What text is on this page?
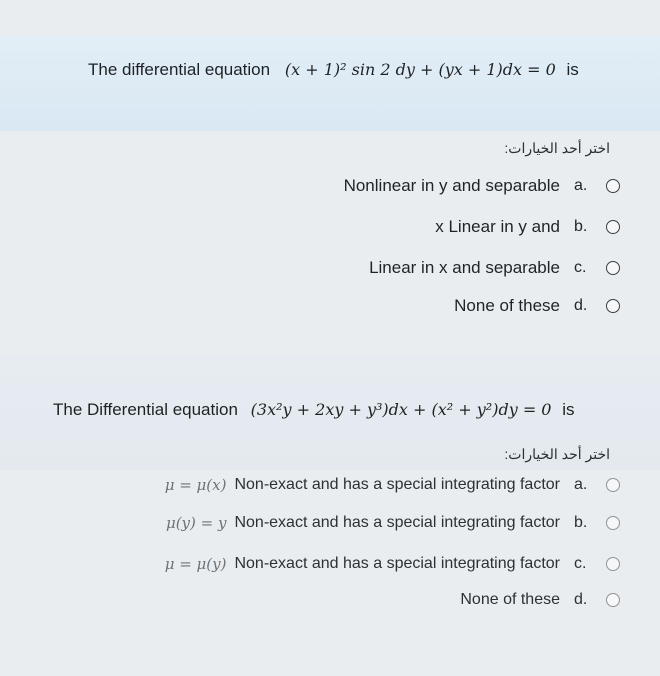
The differential equation (x + 1)² sin 2 dy + (yx + 1)dx = 0 is
اختر أحد الخيارات:
Nonlinear in y and separable a.
x Linear in y and b.
Linear in x and separable c.
None of these d.
The Differential equation (3x²y + 2xy + y³)dx + (x² + y²)dy = 0 is
اختر أحد الخيارات:
μ = μ(x) Non-exact and has a special integrating factor a.
μ(y) = y Non-exact and has a special integrating factor b.
μ = μ(y) Non-exact and has a special integrating factor c.
None of these d.
